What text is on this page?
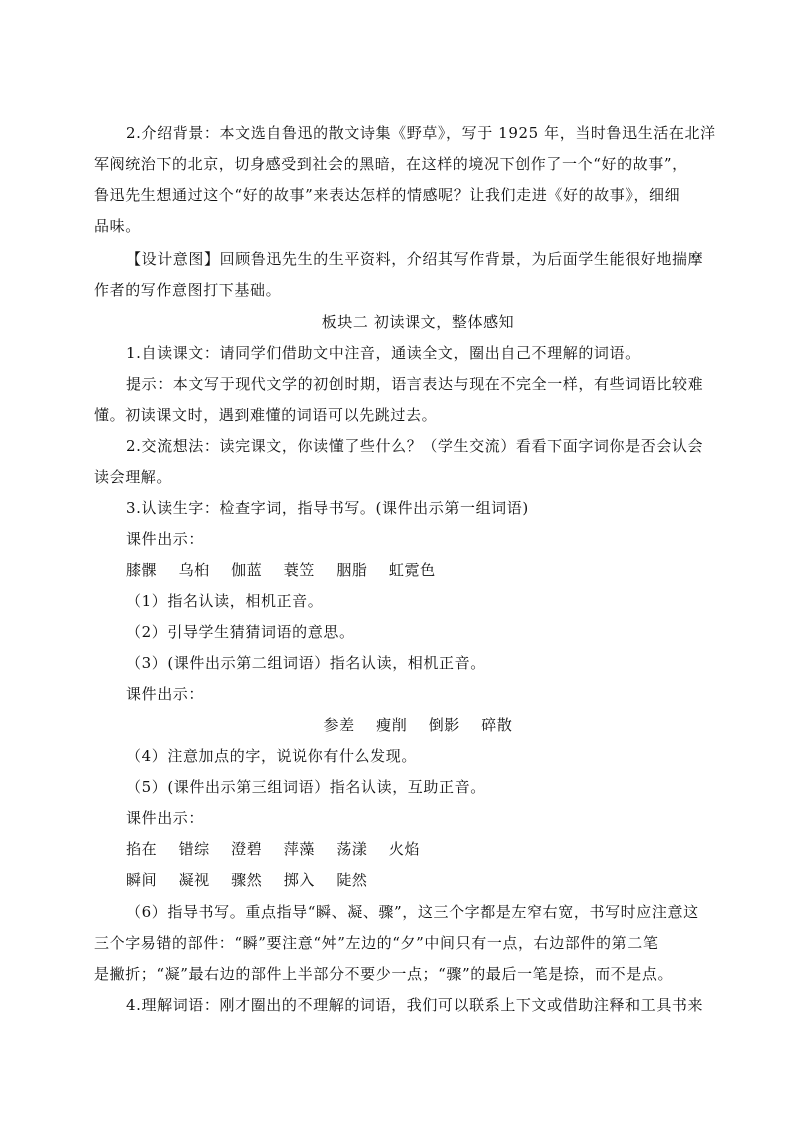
2.介绍背景：本文选自鲁迅的散文诗集《野草》，写于 1925 年，当时鲁迅生活在北洋
军阀统治下的北京，切身感受到社会的黑暗，在这样的境况下创作了一个“好的故事”，
鲁迅先生想通过这个“好的故事”来表达怎样的情感呢？让我们走进《好的故事》，细细
品味。
【设计意图】回顾鲁迅先生的生平资料，介绍其写作背景，为后面学生能很好地揣摩
作者的写作意图打下基础。
板块二 初读课文，整体感知
1.自读课文：请同学们借助文中注音，通读全文，圈出自己不理解的词语。
提示：本文写于现代文学的初创时期，语言表达与现在不完全一样，有些词语比较难
懂。初读课文时，遇到难懂的词语可以先跳过去。
2.交流想法：读完课文，你读懂了些什么？（学生交流）看看下面字词你是否会认会
读会理解。
3.认读生字：检查字词，指导书写。(课件出示第一组词语)
课件出示：
膝髁 乌桕 伽蓝 蓑笠 胭脂 虹霓色
（1）指名认读，相机正音。
（2）引导学生猜猜词语的意思。
（3）(课件出示第二组词语）指名认读，相机正音。
课件出示：
参差 瘦削 倒影 碎散
（4）注意加点的字，说说你有什么发现。
（5）(课件出示第三组词语）指名认读，互助正音。
课件出示：
掐在 错综 澄碧 萍藻 荡漾 火焰
瞬间 凝视 骤然 掷入 陡然
（6）指导书写。重点指导“瞬、凝、骤”，这三个字都是左窄右宽，书写时应注意这
三个字易错的部件：“瞬”要注意“舛”左边的“夕”中间只有一点，右边部件的第二笔
是撇折；“凝”最右边的部件上半部分不要少一点；“骤”的最后一笔是捺，而不是点。
4.理解词语：刚才圈出的不理解的词语，我们可以联系上下文或借助注释和工具书来
